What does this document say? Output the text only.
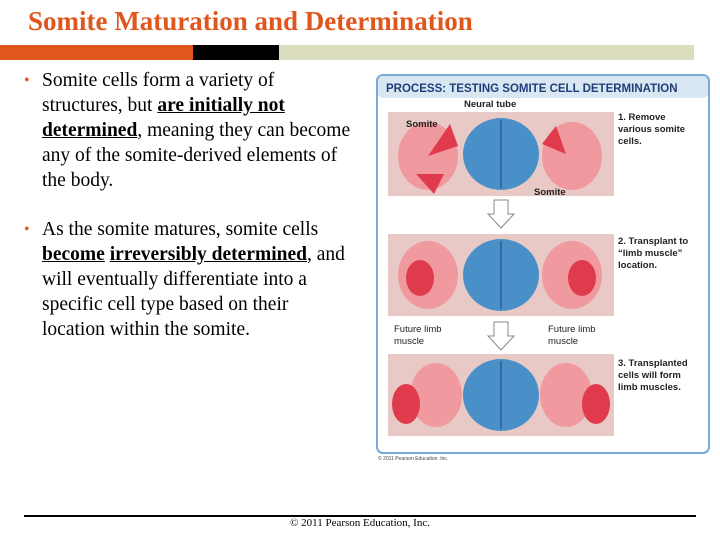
Somite Maturation and Determination
• Somite cells form a variety of structures, but are initially not determined, meaning they can become any of the somite-derived elements of the body.
• As the somite matures, somite cells become irreversibly determined, and will eventually differentiate into a specific cell type based on their location within the somite.
PROCESS: TESTING SOMITE CELL DETERMINATION
Neural tube
Somite
Somite
1. Remove various somite cells.
2. Transplant to “limb muscle” location.
Future limb muscle
Future limb muscle
3. Transplanted cells will form limb muscles.
© 2011 Pearson Education, Inc.
© 2011 Pearson Education, Inc.
